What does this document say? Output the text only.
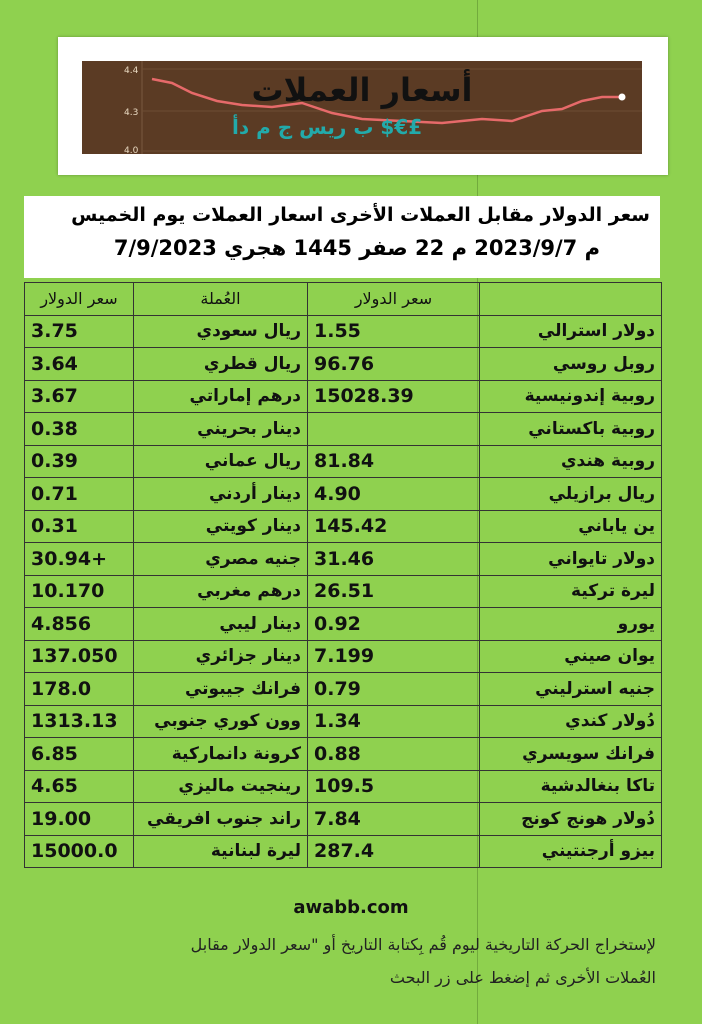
4.4
4.3
4.0
أسعار العملات
ب ريس ج م دأ $€£
سعر الدولار مقابل العملات الأخرى اسعار العملات يوم الخميس
7/9/2023 م 2023/9/7 م 22 صفر 1445 هجري
سعر الدولار	العُملة	سعر الدولار	
3.75	ريال سعودي	1.55	دولار استرالي
3.64	ريال قطري	96.76	روبل روسي
3.67	درهم إماراتي	15028.39	روبية إندونيسية
0.38	دينار بحريني		روبية باكستاني
0.39	ريال عماني	81.84	روبية هندي
0.71	دينار أردني	4.90	ريال برازيلي
0.31	دينار كويتي	145.42	ين ياباني
30.94+	جنيه مصري	31.46	دولار تايواني
10.170	درهم مغربي	26.51	ليرة تركية
4.856	دينار ليبي	0.92	يورو
137.050	دينار جزائري	7.199	يوان صيني
178.0	فرانك جيبوتي	0.79	جنيه استرليني
1313.13	وون كوري جنوبي	1.34	دُولار كندي
6.85	كرونة دانماركية	0.88	فرانك سويسري
4.65	رينجيت ماليزي	109.5	تاكا بنغالدشية
19.00	راند جنوب افريقي	7.84	دُولار هونج كونج
15000.0	ليرة لبنانية	287.4	بيزو أرجنتيني
awabb.com
لإستخراج الحركة التاريخية ليوم قُم بِكتابة التاريخ أو "سعر الدولار مقابل
العُملات الأخرى ثم إضغط على زر البحث
